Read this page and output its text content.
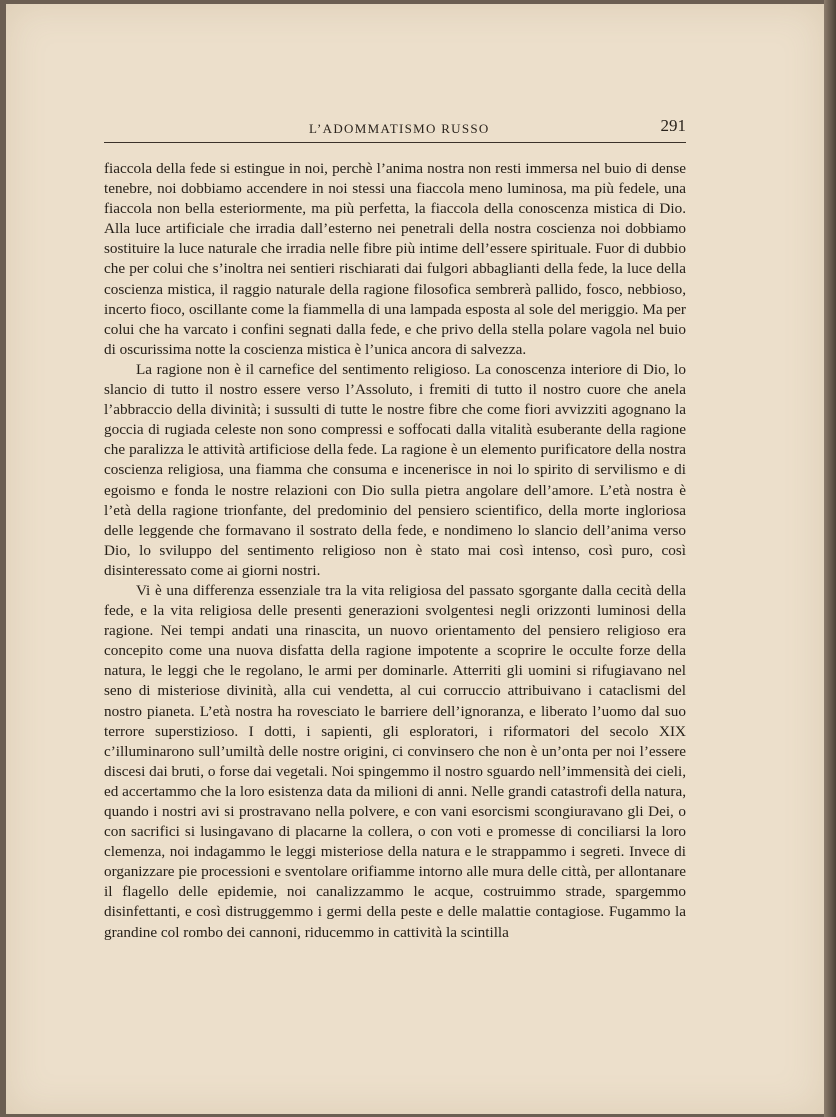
L’ADOMMATISMO RUSSO	291

fiaccola della fede si estingue in noi, perchè l’anima nostra non resti immersa nel buio di dense tenebre, noi dobbiamo accendere in noi stessi una fiaccola meno luminosa, ma più fedele, una fiaccola non bella esteriormente, ma più perfetta, la fiaccola della conoscenza mistica di Dio. Alla luce artificiale che irradia dall’esterno nei penetrali della nostra coscienza noi dobbiamo sostituire la luce naturale che irradia nelle fibre più intime dell’essere spirituale. Fuor di dubbio che per colui che s’inoltra nei sentieri rischiarati dai fulgori abbaglianti della fede, la luce della coscienza mistica, il raggio naturale della ragione filosofica sembrerà pallido, fosco, nebbioso, incerto fioco, oscillante come la fiammella di una lampada esposta al sole del meriggio. Ma per colui che ha varcato i confini segnati dalla fede, e che privo della stella polare vagola nel buio di oscurissima notte la coscienza mistica è l’unica ancora di salvezza.

La ragione non è il carnefice del sentimento religioso. La conoscenza interiore di Dio, lo slancio di tutto il nostro essere verso l’Assoluto, i fremiti di tutto il nostro cuore che anela l’abbraccio della divinità; i sussulti di tutte le nostre fibre che come fiori avvizziti agognano la goccia di rugiada celeste non sono compressi e soffocati dalla vitalità esuberante della ragione che paralizza le attività artificiose della fede. La ragione è un elemento purificatore della nostra coscienza religiosa, una fiamma che consuma e incenerisce in noi lo spirito di servilismo e di egoismo e fonda le nostre relazioni con Dio sulla pietra angolare dell’amore. L’età nostra è l’età della ragione trionfante, del predominio del pensiero scientifico, della morte ingloriosa delle leggende che formavano il sostrato della fede, e nondimeno lo slancio dell’anima verso Dio, lo sviluppo del sentimento religioso non è stato mai così intenso, così puro, così disinteressato come ai giorni nostri.

Vi è una differenza essenziale tra la vita religiosa del passato sgorgante dalla cecità della fede, e la vita religiosa delle presenti generazioni svolgentesi negli orizzonti luminosi della ragione. Nei tempi andati una rinascita, un nuovo orientamento del pensiero religioso era concepito come una nuova disfatta della ragione impotente a scoprire le occulte forze della natura, le leggi che le regolano, le armi per dominarle. Atterriti gli uomini si rifugiavano nel seno di misteriose divinità, alla cui vendetta, al cui corruccio attribuivano i cataclismi del nostro pianeta. L’età nostra ha rovesciato le barriere dell’ignoranza, e liberato l’uomo dal suo terrore superstizioso. I dotti, i sapienti, gli esploratori, i riformatori del secolo XIX c’illuminarono sull’umiltà delle nostre origini, ci convinsero che non è un’onta per noi l’essere discesi dai bruti, o forse dai vegetali. Noi spingemmo il nostro sguardo nell’immensità dei cieli, ed accertammo che la loro esistenza data da milioni di anni. Nelle grandi catastrofi della natura, quando i nostri avi si prostravano nella polvere, e con vani esorcismi scongiuravano gli Dei, o con sacrifici si lusingavano di placarne la collera, o con voti e promesse di conciliarsi la loro clemenza, noi indagammo le leggi misteriose della natura e le strappammo i segreti. Invece di organizzare pie processioni e sventolare orifiamme intorno alle mura delle città, per allontanare il flagello delle epidemie, noi canalizzammo le acque, costruimmo strade, spargemmo disinfettanti, e così distruggemmo i germi della peste e delle malattie contagiose. Fugammo la grandine col rombo dei cannoni, riducemmo in cattività la scintilla
